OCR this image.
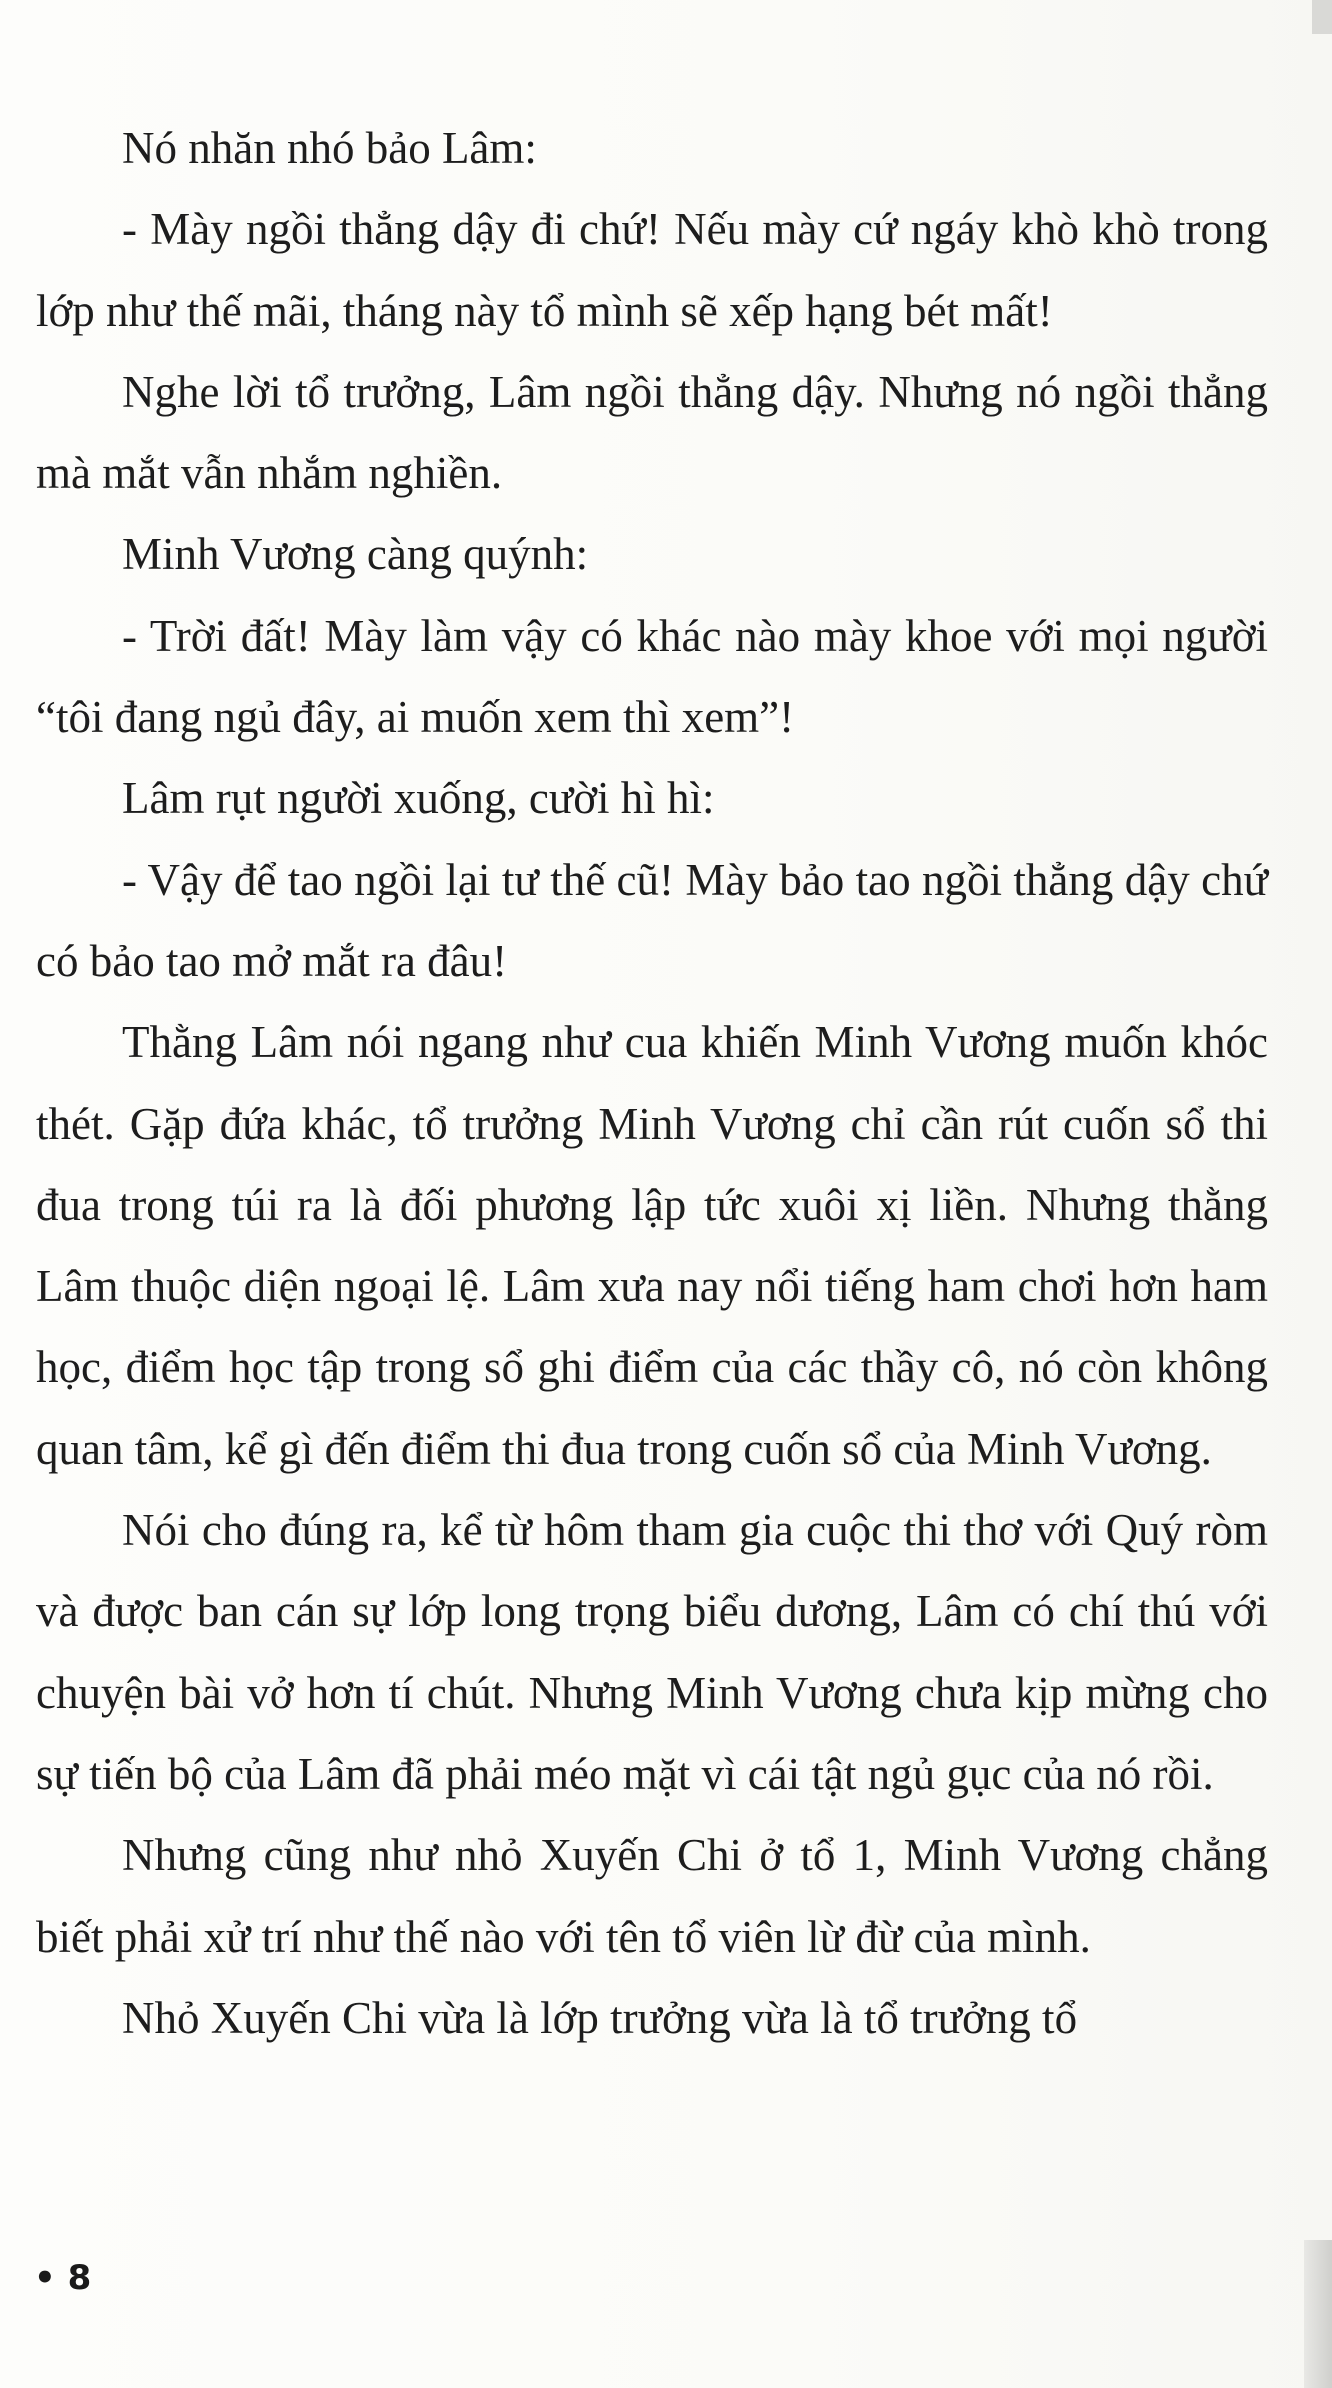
Nó nhăn nhó bảo Lâm:

- Mày ngồi thẳng dậy đi chứ! Nếu mày cứ ngáy khò khò trong lớp như thế mãi, tháng này tổ mình sẽ xếp hạng bét mất!

Nghe lời tổ trưởng, Lâm ngồi thẳng dậy. Nhưng nó ngồi thẳng mà mắt vẫn nhắm nghiền.

Minh Vương càng quýnh:

- Trời đất! Mày làm vậy có khác nào mày khoe với mọi người “tôi đang ngủ đây, ai muốn xem thì xem”!

Lâm rụt người xuống, cười hì hì:

- Vậy để tao ngồi lại tư thế cũ! Mày bảo tao ngồi thẳng dậy chứ có bảo tao mở mắt ra đâu!

Thằng Lâm nói ngang như cua khiến Minh Vương muốn khóc thét. Gặp đứa khác, tổ trưởng Minh Vương chỉ cần rút cuốn sổ thi đua trong túi ra là đối phương lập tức xuôi xị liền. Nhưng thằng Lâm thuộc diện ngoại lệ. Lâm xưa nay nổi tiếng ham chơi hơn ham học, điểm học tập trong sổ ghi điểm của các thầy cô, nó còn không quan tâm, kể gì đến điểm thi đua trong cuốn sổ của Minh Vương.

Nói cho đúng ra, kể từ hôm tham gia cuộc thi thơ với Quý ròm và được ban cán sự lớp long trọng biểu dương, Lâm có chí thú với chuyện bài vở hơn tí chút. Nhưng Minh Vương chưa kịp mừng cho sự tiến bộ của Lâm đã phải méo mặt vì cái tật ngủ gục của nó rồi.

Nhưng cũng như nhỏ Xuyến Chi ở tổ 1, Minh Vương chẳng biết phải xử trí như thế nào với tên tổ viên lừ đừ của mình.

Nhỏ Xuyến Chi vừa là lớp trưởng vừa là tổ trưởng tổ

• 8
